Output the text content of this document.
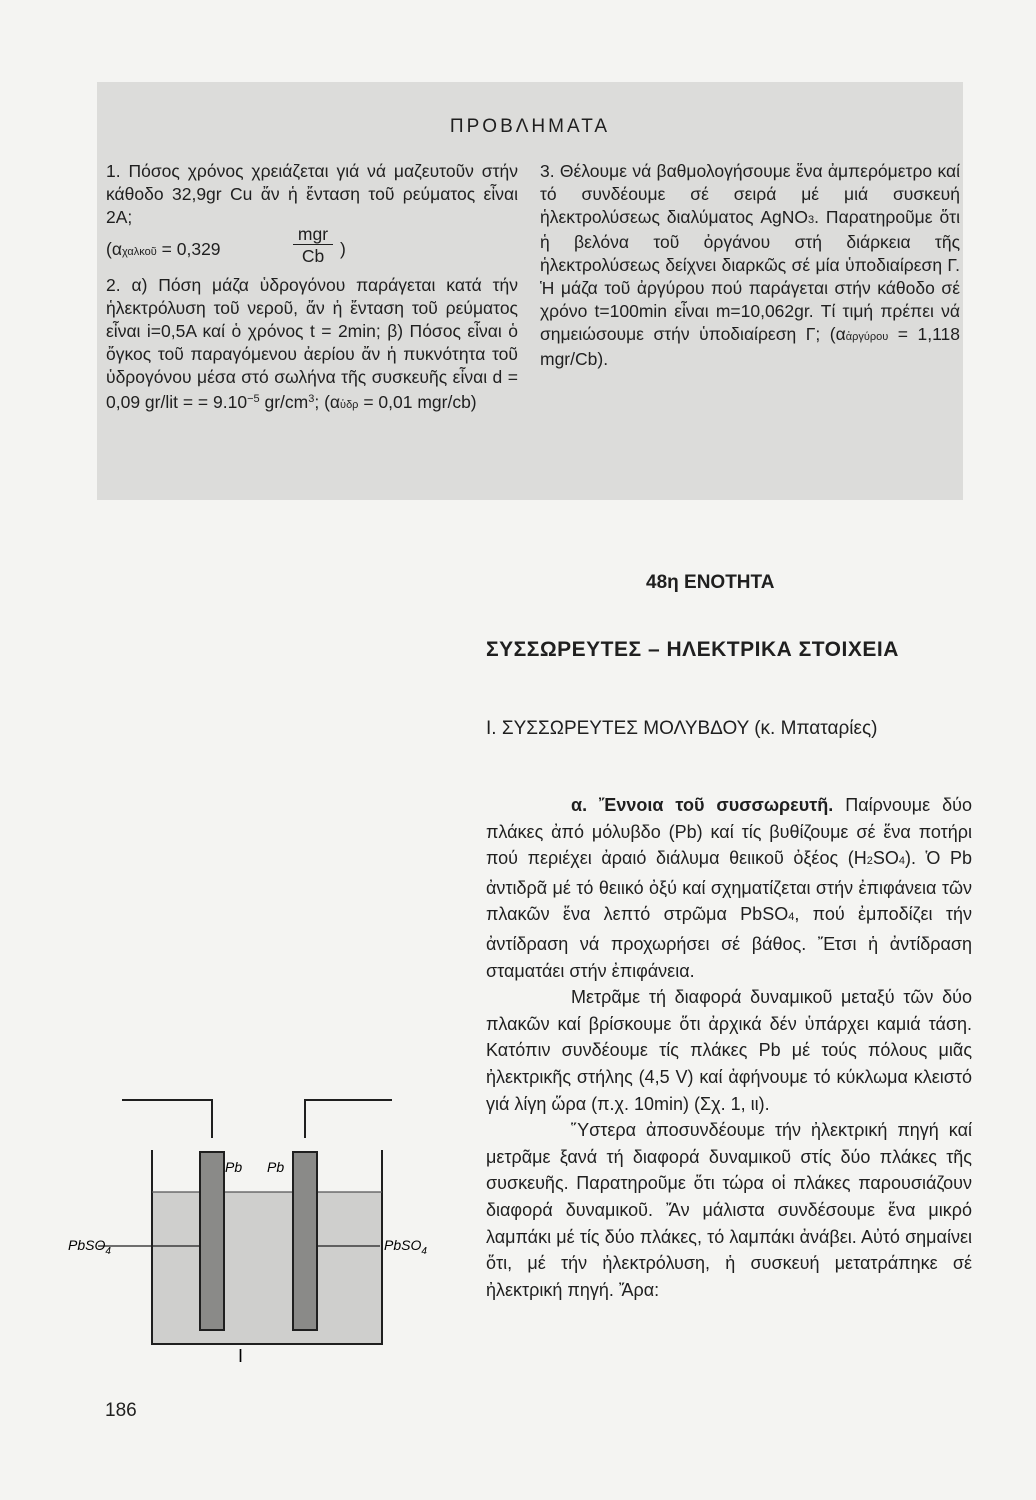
ΠΡΟΒΛΗΜΑΤΑ

1. Πόσος χρόνος χρειάζεται γιά νά μαζευτοῦν στήν κάθοδο 32,9gr Cu ἄν ἡ ἔνταση τοῦ ρεύματος εἶναι 2Α;

(αχαλκοῦ = 0,329
mgr
Cb )

2. α) Πόση μάζα ὑδρογόνου παράγεται κατά τήν ἡλεκτρόλυση τοῦ νεροῦ, ἄν ἡ ἔνταση τοῦ ρεύματος εἶναι i=0,5Α καί ὁ χρόνος t = 2min; β) Πόσος εἶναι ὁ ὄγκος τοῦ παραγόμενου ἀερίου ἄν ἡ πυκνότητα τοῦ ὑδρογόνου μέσα στό σωλήνα τῆς συσκευῆς εἶναι d = 0,09 gr/lit = = $9.10^{-5}$ $gr/cm^3$; (αὑδρ = 0,01 mgr/cb)

3. Θέλουμε νά βαθμολογήσουμε ἕνα ἀμπερόμετρο καί τό συνδέουμε σέ σειρά μέ μιά συσκευή ἡλεκτρολύσεως διαλύματος AgNO3. Παρατηροῦμε ὅτι ἡ βελόνα τοῦ ὀργάνου στή διάρκεια τῆς ἡλεκτρολύσεως δείχνει διαρκῶς σέ μία ὑποδιαίρεση Γ. Ἡ μάζα τοῦ ἀργύρου πού παράγεται στήν κάθοδο σέ χρόνο t=100min εἶναι m=10,062gr. Τί τιμή πρέπει νά σημειώσουμε στήν ὑποδιαίρεση Γ; (αἀργύρου = 1,118 mgr/Cb).

48η ΕΝΟΤΗΤΑ
ΣΥΣΣΩΡΕΥΤΕΣ – ΗΛΕΚΤΡΙΚΑ ΣΤΟΙΧΕΙΑ
Ι. ΣΥΣΣΩΡΕΥΤΕΣ ΜΟΛΥΒΔΟΥ (κ. Μπαταρίες)

α. Ἔννοια τοῦ συσσωρευτῆ. Παίρνουμε δύο πλάκες ἀπό μόλυβδο (Pb) καί τίς βυθίζουμε σέ ἕνα ποτήρι πού περιέχει ἀραιό διάλυμα θειικοῦ ὀξέος (H2SO4). Ὁ Pb ἀντιδρᾶ μέ τό θειικό ὀξύ καί σχηματίζεται στήν ἐπιφάνεια τῶν πλακῶν ἕνα λεπτό στρῶμα PbSO4, πού ἐμποδίζει τήν ἀντίδραση νά προχωρήσει σέ βάθος. Ἔτσι ἡ ἀντίδραση σταματάει στήν ἐπιφάνεια.

Μετρᾶμε τή διαφορά δυναμικοῦ μεταξύ τῶν δύο πλακῶν καί βρίσκουμε ὅτι ἀρχικά δέν ὑπάρχει καμιά τάση. Κατόπιν συνδέουμε τίς πλάκες Pb μέ τούς πόλους μιᾶς ἠλεκτρικῆς στήλης (4,5 V) καί ἀφήνουμε τό κύκλωμα κλειστό γιά λίγη ὥρα (π.χ. 10min) (Σχ. 1, ιι).

Ὕστερα ἀποσυνδέουμε τήν ἠλεκτρική πηγή καί μετρᾶμε ξανά τή διαφορά δυναμικοῦ στίς δύο πλάκες τῆς συσκευῆς. Παρατηροῦμε ὅτι τώρα οἱ πλάκες παρουσιάζουν διαφορά δυναμικοῦ. Ἄν μάλιστα συνδέσουμε ἕνα μικρό λαμπάκι μέ τίς δύο πλάκες, τό λαμπάκι ἀνάβει. Αὐτό σημαίνει ὅτι, μέ τήν ἠλεκτρόλυση, ἡ συσκευή μετατράπηκε σέ ἠλεκτρική πηγή. Ἄρα:

Pb Pb
PbSO$_4$	PbSO$_4$
I
186
